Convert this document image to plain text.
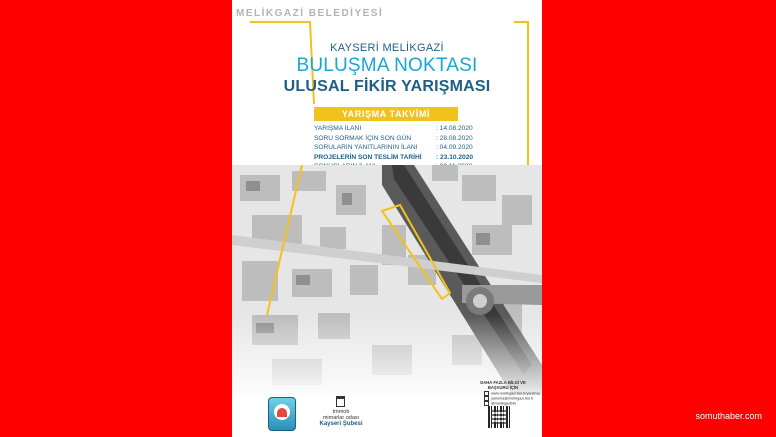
MELİKGAZİ BELEDİYESİ
KAYSERİ MELİKGAZİ
BULUŞMA NOKTASI
ULUSAL FİKİR YARIŞMASI
YARIŞMA TAKVİMİ
YARIŞMA İLANI	: 14.08.2020
SORU SORMAK İÇİN SON GÜN	: 28.08.2020
SORULARIN YANITLARININ İLANI	: 04.09.2020
PROJELERİN SON TESLİM TARİHİ	: 23.10.2020
tmmob
mimarlar odası
Kayseri Şubesi
DAHA FAZLA BİLGİ VE
BAŞVURU İÇİN
www.melikgazi.bel.tr/yarisma
yarisma@melikgazi.bel.tr
@melikgazibld
somuthaber.com
